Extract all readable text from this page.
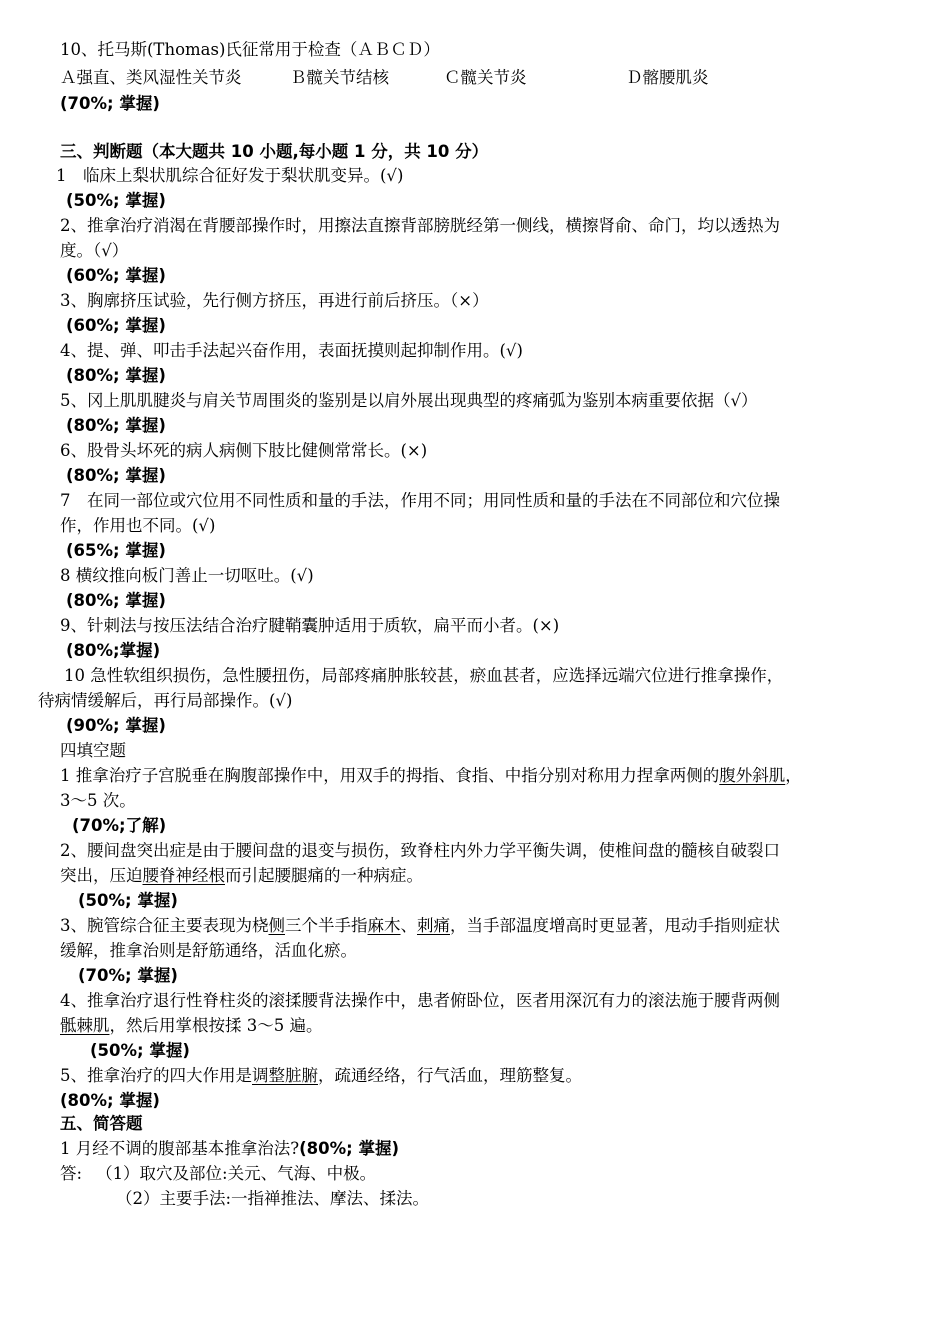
10、托马斯(Thomas)氏征常用于检查（ＡＢＣＤ）
Ａ强直、类风湿性关节炎	Ｂ髋关节结核	Ｃ髋关节炎	Ｄ髂腰肌炎
(70%; 掌握)
三、判断题（本大题共 10 小题,每小题 1 分，共 10 分）
1　临床上梨状肌综合征好发于梨状肌变异。(√)
(50%; 掌握)
2、推拿治疗消渴在背腰部操作时，用擦法直擦背部膀胱经第一侧线，横擦肾俞、命门，均以透热为
度。（√）
(60%; 掌握)
3、胸廓挤压试验，先行侧方挤压，再进行前后挤压。（×）
(60%; 掌握)
4、提、弹、叩击手法起兴奋作用，表面抚摸则起抑制作用。(√)
(80%; 掌握)
5、冈上肌肌腱炎与肩关节周围炎的鉴别是以肩外展出现典型的疼痛弧为鉴别本病重要依据（√）
(80%; 掌握)
6、股骨头坏死的病人病侧下肢比健侧常常长。(×)
(80%; 掌握)
7　在同一部位或穴位用不同性质和量的手法，作用不同；用同性质和量的手法在不同部位和穴位操
作，作用也不同。(√)
(65%; 掌握)
8 横纹推向板门善止一切呕吐。(√)
(80%; 掌握)
9、针刺法与按压法结合治疗腱鞘囊肿适用于质软，扁平而小者。(×)
(80%;掌握)
10 急性软组织损伤，急性腰扭伤，局部疼痛肿胀较甚，瘀血甚者，应选择远端穴位进行推拿操作，
待病情缓解后，再行局部操作。(√)
(90%; 掌握)
四填空题
1 推拿治疗子宫脱垂在胸腹部操作中，用双手的拇指、食指、中指分别对称用力捏拿两侧的腹外斜肌，
3～5 次。
(70%;了解)
2、腰间盘突出症是由于腰间盘的退变与损伤，致脊柱内外力学平衡失调，使椎间盘的髓核自破裂口
突出，压迫腰脊神经根而引起腰腿痛的一种病症。
(50%; 掌握)
3、腕管综合征主要表现为桡侧三个半手指麻木、刺痛，当手部温度增高时更显著，甩动手指则症状
缓解，推拿治则是舒筋通络，活血化瘀。
(70%; 掌握)
4、推拿治疗退行性脊柱炎的滚揉腰背法操作中，患者俯卧位，医者用深沉有力的滚法施于腰背两侧
骶棘肌，然后用掌根按揉 3～5 遍。
(50%; 掌握)
5、推拿治疗的四大作用是调整脏腑，疏通经络，行气活血，理筋整复。
(80%; 掌握)
五、简答题
1 月经不调的腹部基本推拿治法?(80%; 掌握)
答: （1）取穴及部位:关元、气海、中极。
（2）主要手法:一指禅推法、摩法、揉法。
